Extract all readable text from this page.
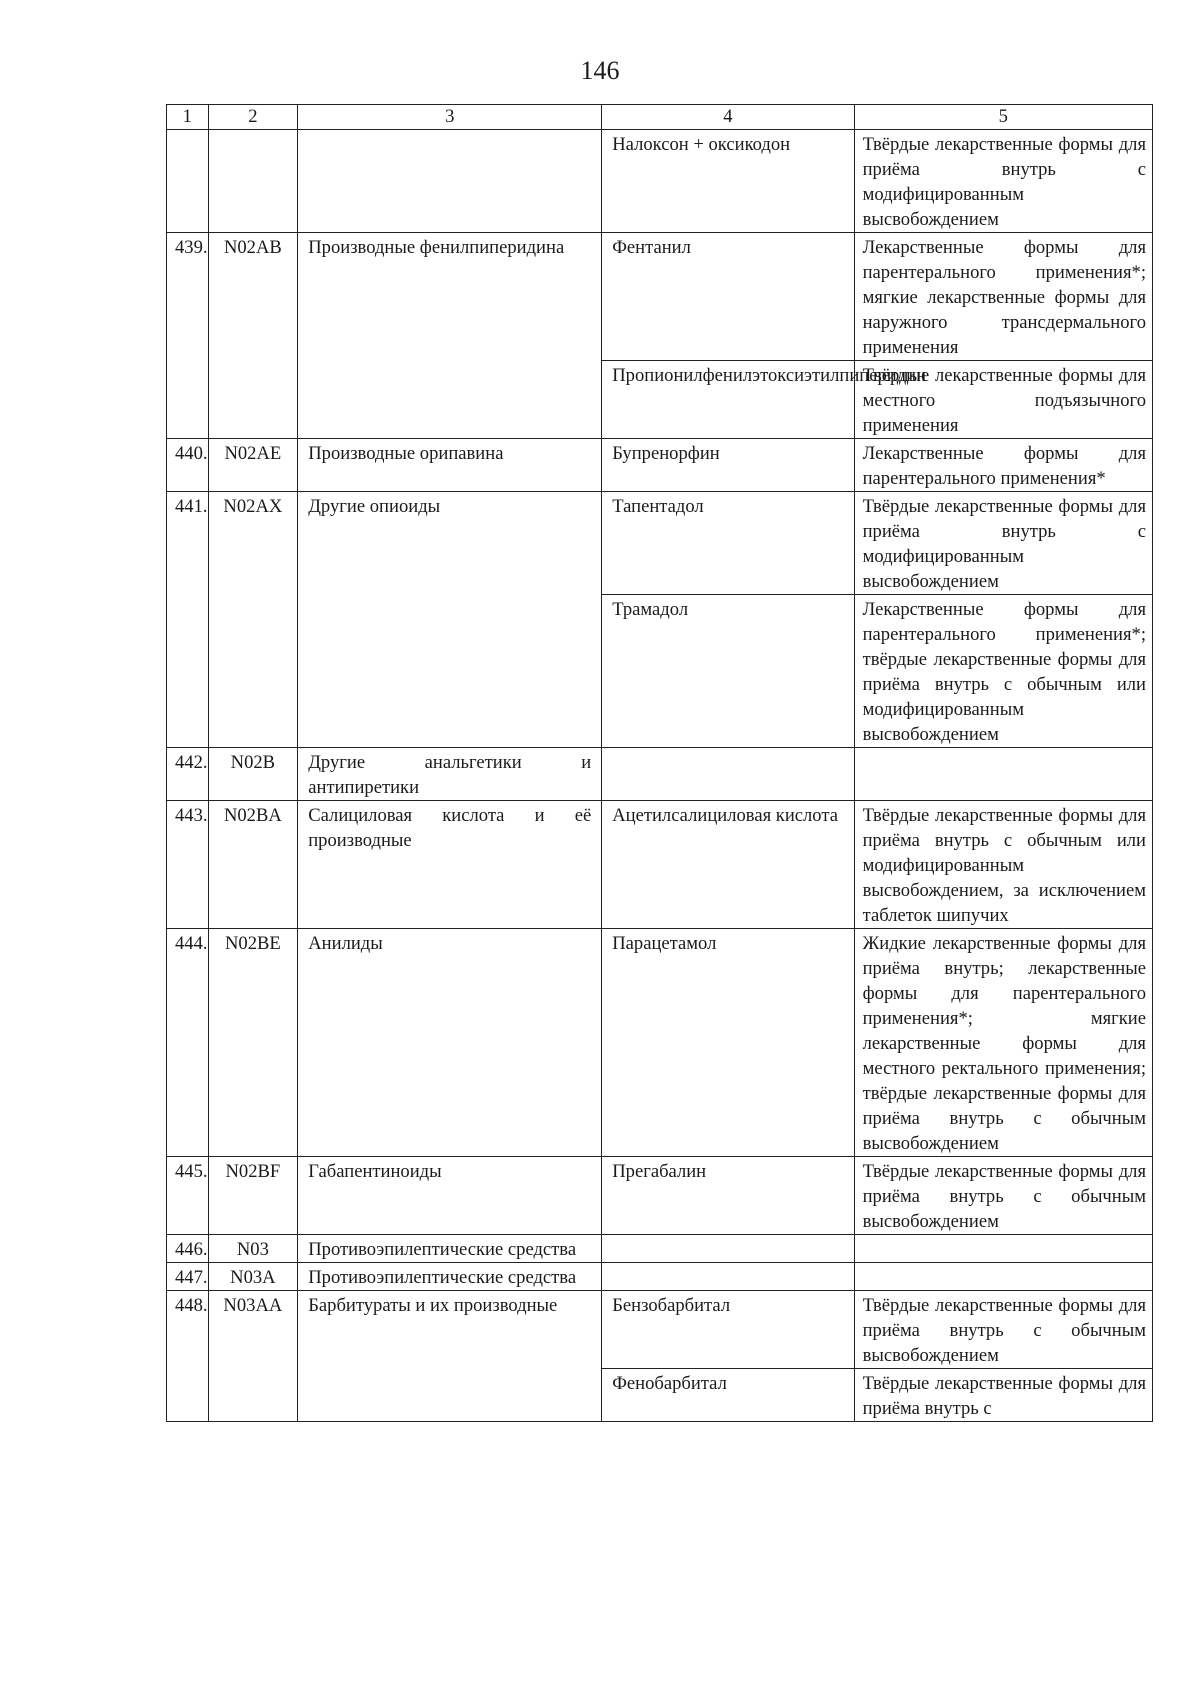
146
1	2	3	4	5
			Налоксон + оксикодон	Твёрдые лекарственные формы для приёма внутрь с модифицированным высвобождением
439.	N02AB	Производные фенилпиперидина	Фентанил	Лекарственные формы для парентерального применения*; мягкие лекарственные формы для наружного трансдермального применения
			Пропионилфенилэтоксиэтилпиперидин	Твёрдые лекарственные формы для местного подъязычного применения
440.	N02AE	Производные орипавина	Бупренорфин	Лекарственные формы для парентерального применения*
441.	N02AX	Другие опиоиды	Тапентадол	Твёрдые лекарственные формы для приёма внутрь с модифицированным высвобождением
			Трамадол	Лекарственные формы для парентерального применения*; твёрдые лекарственные формы для приёма внутрь с обычным или модифицированным высвобождением
442.	N02B	Другие анальгетики и антипиретики		
443.	N02BA	Салициловая кислота и её производные	Ацетилсалициловая кислота	Твёрдые лекарственные формы для приёма внутрь с обычным или модифицированным высвобождением, за исключением таблеток шипучих
444.	N02BE	Анилиды	Парацетамол	Жидкие лекарственные формы для приёма внутрь; лекарственные формы для парентерального применения*; мягкие лекарственные формы для местного ректального применения; твёрдые лекарственные формы для приёма внутрь с обычным высвобождением
445.	N02BF	Габапентиноиды	Прегабалин	Твёрдые лекарственные формы для приёма внутрь с обычным высвобождением
446.	N03	Противоэпилептические средства		
447.	N03A	Противоэпилептические средства		
448.	N03AA	Барбитураты и их производные	Бензобарбитал	Твёрдые лекарственные формы для приёма внутрь с обычным высвобождением
			Фенобарбитал	Твёрдые лекарственные формы для приёма внутрь с
